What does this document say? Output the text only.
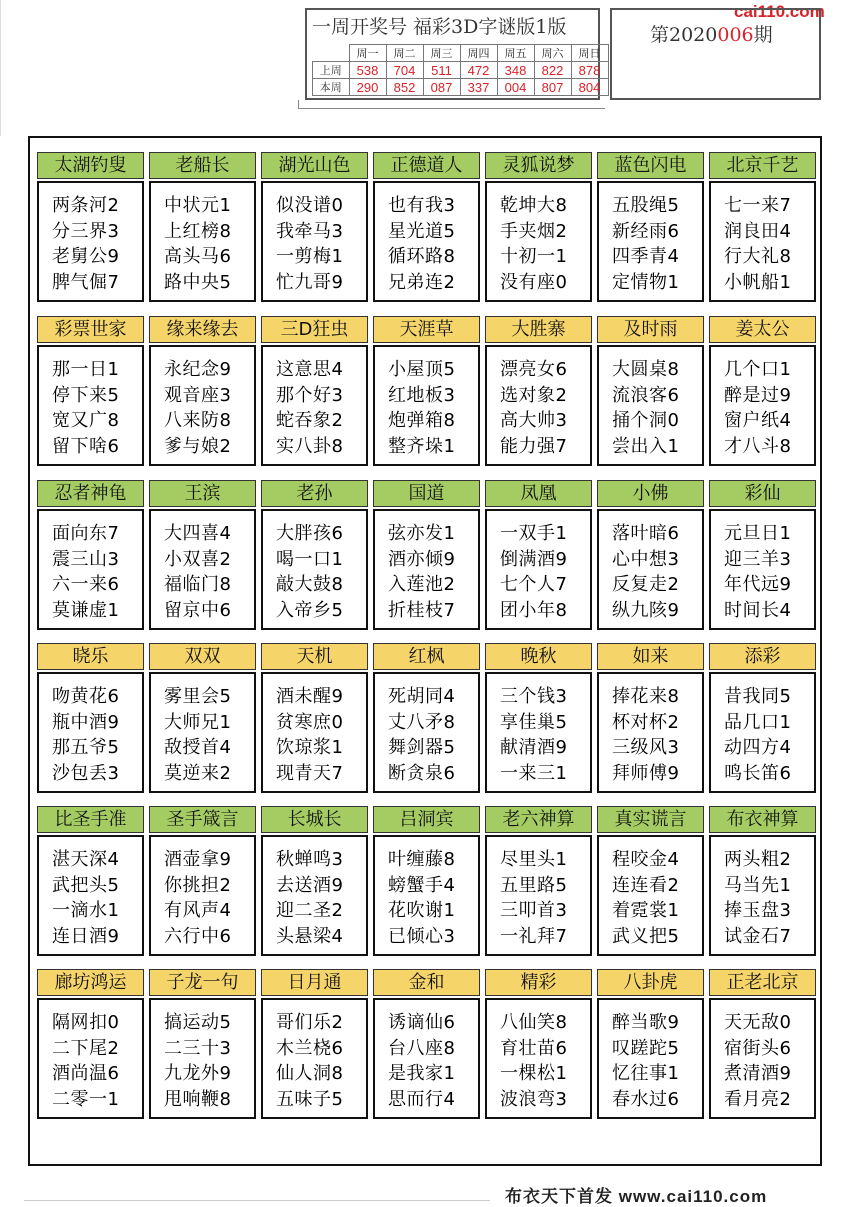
cai110.com
一周开奖号 福彩3D字谜版1版
	周一	周二	周三	周四	周五	周六	周日
上周	538	704	511	472	348	822	878
本周	290	852	087	337	004	807	804
第2020006期
太湖钓叟
两条河2
分三界3
老舅公9
脾气倔7
老船长
中状元1
上红榜8
高头马6
路中央5
湖光山色
似没谱0
我牵马3
一剪梅1
忙九哥9
正德道人
也有我3
星光道5
循环路8
兄弟连2
灵狐说梦
乾坤大8
手夹烟2
十初一1
没有座0
蓝色闪电
五股绳5
新经雨6
四季青4
定情物1
北京千艺
七一来7
润良田4
行大礼8
小帆船1
彩票世家
那一日1
停下来5
宽又广8
留下啥6
缘来缘去
永纪念9
观音座3
八来防8
爹与娘2
三D狂虫
这意思4
那个好3
蛇吞象2
实八卦8
天涯草
小屋顶5
红地板3
炮弹箱8
整齐垛1
大胜寨
漂亮女6
选对象2
高大帅3
能力强7
及时雨
大圆桌8
流浪客6
捅个洞0
尝出入1
姜太公
几个口1
醉是过9
窗户纸4
才八斗8
忍者神龟
面向东7
震三山3
六一来6
莫谦虚1
王滨
大四喜4
小双喜2
福临门8
留京中6
老孙
大胖孩6
喝一口1
敲大鼓8
入帝乡5
国道
弦亦发1
酒亦倾9
入莲池2
折桂枝7
凤凰
一双手1
倒满酒9
七个人7
团小年8
小佛
落叶暗6
心中想3
反复走2
纵九陔9
彩仙
元旦日1
迎三羊3
年代远9
时间长4
晓乐
吻黄花6
瓶中酒9
那五爷5
沙包丢3
双双
雾里会5
大师兄1
敌授首4
莫逆来2
天机
酒未醒9
贫寒庶0
饮琼浆1
现青天7
红枫
死胡同4
丈八矛8
舞剑器5
断贪泉6
晚秋
三个钱3
享佳巢5
献清酒9
一来三1
如来
捧花来8
杯对杯2
三级风3
拜师傅9
添彩
昔我同5
品几口1
动四方4
鸣长笛6
比圣手准
湛天深4
武把头5
一滴水1
连日酒9
圣手箴言
酒壶拿9
你挑担2
有风声4
六行中6
长城长
秋蝉鸣3
去送酒9
迎二圣2
头悬梁4
吕洞宾
叶缠藤8
螃蟹手4
花吹谢1
已倾心3
老六神算
尽里头1
五里路5
三叩首3
一礼拜7
真实谎言
程咬金4
连连看2
着霓裳1
武义把5
布衣神算
两头粗2
马当先1
捧玉盘3
试金石7
廊坊鸿运
隔网扣0
二下尾2
酒尚温6
二零一1
子龙一句
搞运动5
二三十3
九龙外9
甩响鞭8
日月通
哥们乐2
木兰桡6
仙人洞8
五味子5
金和
诱谪仙6
台八座8
是我家1
思而行4
精彩
八仙笑8
育壮苗6
一棵松1
波浪弯3
八卦虎
醉当歌9
叹蹉跎5
忆往事1
春水过6
正老北京
天无敌0
宿街头6
煮清酒9
看月亮2
布衣天下首发 www.cai110.com
